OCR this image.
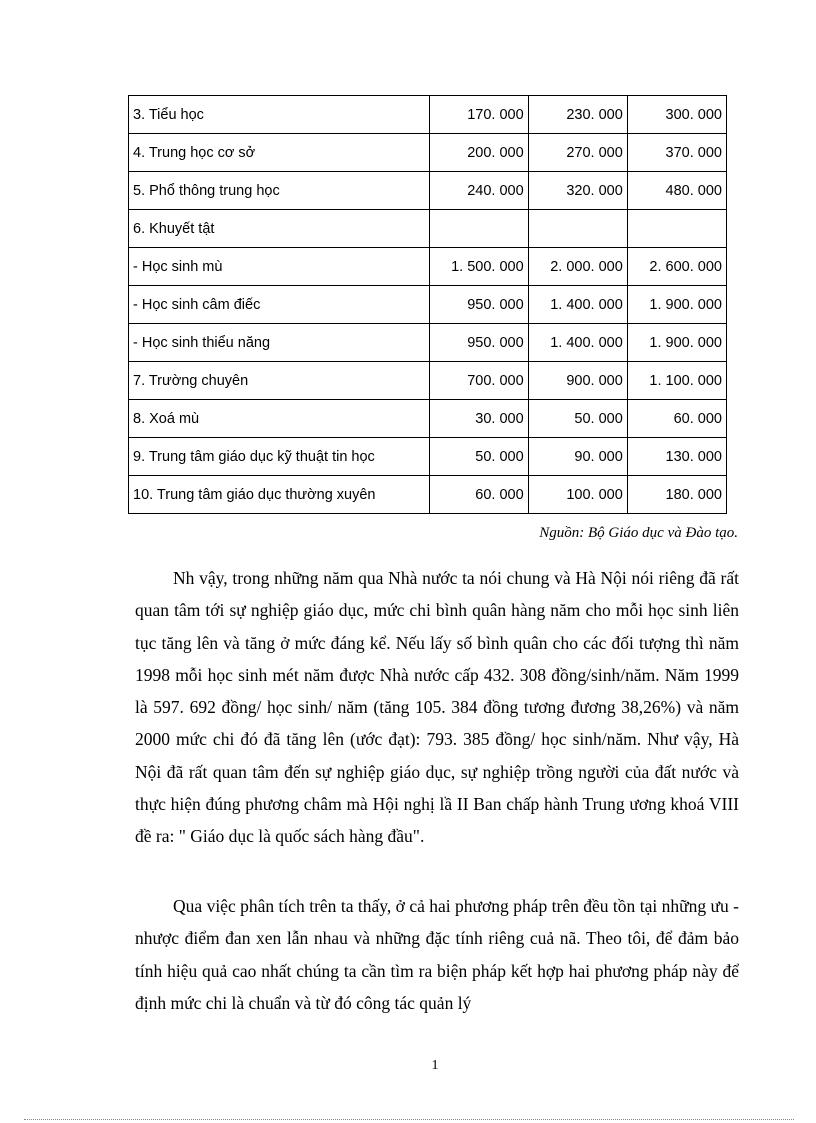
3. Tiểu học	170. 000	230. 000	300. 000
4. Trung học cơ sở	200. 000	270. 000	370. 000
5. Phổ thông trung học	240. 000	320. 000	480. 000
6. Khuyết tật			
- Học sinh mù	1. 500. 000	2. 000. 000	2. 600. 000
- Học sinh câm điếc	950. 000	1. 400. 000	1. 900. 000
- Học sinh thiểu năng	950. 000	1. 400. 000	1. 900. 000
7. Trường chuyên	700. 000	900. 000	1. 100. 000
8. Xoá mù	30. 000	50. 000	60. 000
9. Trung tâm giáo dục kỹ thuật tin học	50. 000	90. 000	130. 000
10. Trung tâm giáo dục thường xuyên	60. 000	100. 000	180. 000
Nguồn: Bộ Giáo dục và Đào tạo.

Nh vậy, trong những năm qua Nhà nước ta nói chung và Hà Nội nói riêng đã rất quan tâm tới sự nghiệp giáo dục, mức chi bình quân hàng năm cho mỗi học sinh liên tục tăng lên và tăng ở mức đáng kể. Nếu lấy số bình quân cho các đối tượng thì năm 1998 mỗi học sinh mét năm được Nhà nước cấp 432. 308 đồng/sinh/năm. Năm 1999 là 597. 692 đồng/ học sinh/ năm (tăng 105. 384 đồng tương đương 38,26%) và năm 2000 mức chi đó đã tăng lên (ước đạt): 793. 385 đồng/ học sinh/năm. Như vậy, Hà Nội đã rất quan tâm đến sự nghiệp giáo dục, sự nghiệp trồng người của đất nước và thực hiện đúng phương châm mà Hội nghị lầ II Ban chấp hành Trung ương khoá VIII đề ra: " Giáo dục là quốc sách hàng đầu".

Qua việc phân tích trên ta thấy, ở cả hai phương pháp trên đều tồn tại những ưu - nhược điểm đan xen lẫn nhau và những đặc tính riêng cuả nã. Theo tôi, để đảm bảo tính hiệu quả cao nhất chúng ta cần tìm ra biện pháp kết hợp hai phương pháp này để định mức chi là chuẩn và từ đó công tác quản lý

1
